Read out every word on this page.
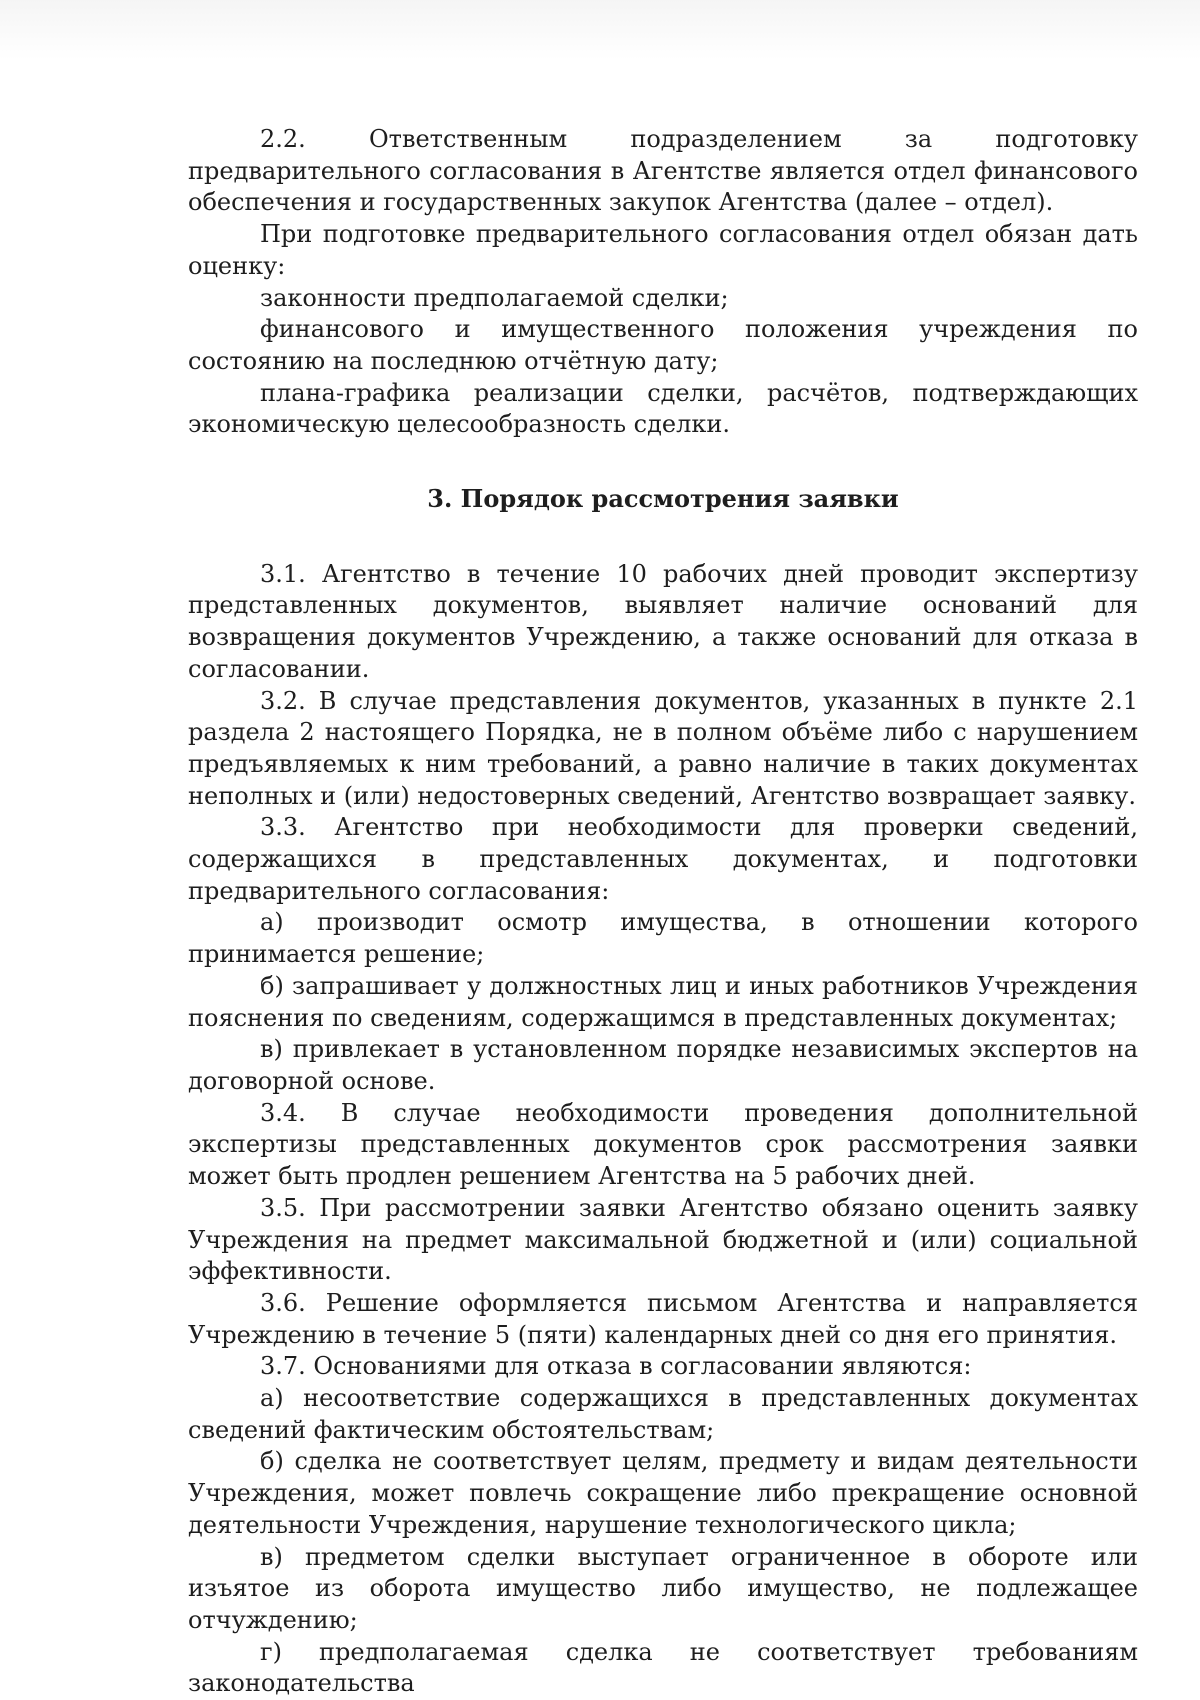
2.2. Ответственным подразделением за подготовку предварительного согласования в Агентстве является отдел финансового обеспечения и государственных закупок Агентства (далее – отдел).

При подготовке предварительного согласования отдел обязан дать оценку:

законности предполагаемой сделки;

финансового и имущественного положения учреждения по состоянию на последнюю отчётную дату;

плана-графика реализации сделки, расчётов, подтверждающих экономическую целесообразность сделки.

3. Порядок рассмотрения заявки

3.1. Агентство в течение 10 рабочих дней проводит экспертизу представленных документов, выявляет наличие оснований для возвращения документов Учреждению, а также оснований для отказа в согласовании.

3.2. В случае представления документов, указанных в пункте 2.1 раздела 2 настоящего Порядка, не в полном объёме либо с нарушением предъявляемых к ним требований, а равно наличие в таких документах неполных и (или) недостоверных сведений, Агентство возвращает заявку.

3.3. Агентство при необходимости для проверки сведений, содержащихся в представленных документах, и подготовки предварительного согласования:

а) производит осмотр имущества, в отношении которого принимается решение;

б) запрашивает у должностных лиц и иных работников Учреждения пояснения по сведениям, содержащимся в представленных документах;

в) привлекает в установленном порядке независимых экспертов на договорной основе.

3.4. В случае необходимости проведения дополнительной экспертизы представленных документов срок рассмотрения заявки может быть продлен решением Агентства на 5 рабочих дней.

3.5. При рассмотрении заявки Агентство обязано оценить заявку Учреждения на предмет максимальной бюджетной и (или) социальной эффективности.

3.6. Решение оформляется письмом Агентства и направляется Учреждению в течение 5 (пяти) календарных дней со дня его принятия.

3.7. Основаниями для отказа в согласовании являются:

а) несоответствие содержащихся в представленных документах сведений фактическим обстоятельствам;

б) сделка не соответствует целям, предмету и видам деятельности Учреждения, может повлечь сокращение либо прекращение основной деятельности Учреждения, нарушение технологического цикла;

в) предметом сделки выступает ограниченное в обороте или изъятое из оборота имущество либо имущество, не подлежащее отчуждению;

г) предполагаемая сделка не соответствует требованиям законодательства
